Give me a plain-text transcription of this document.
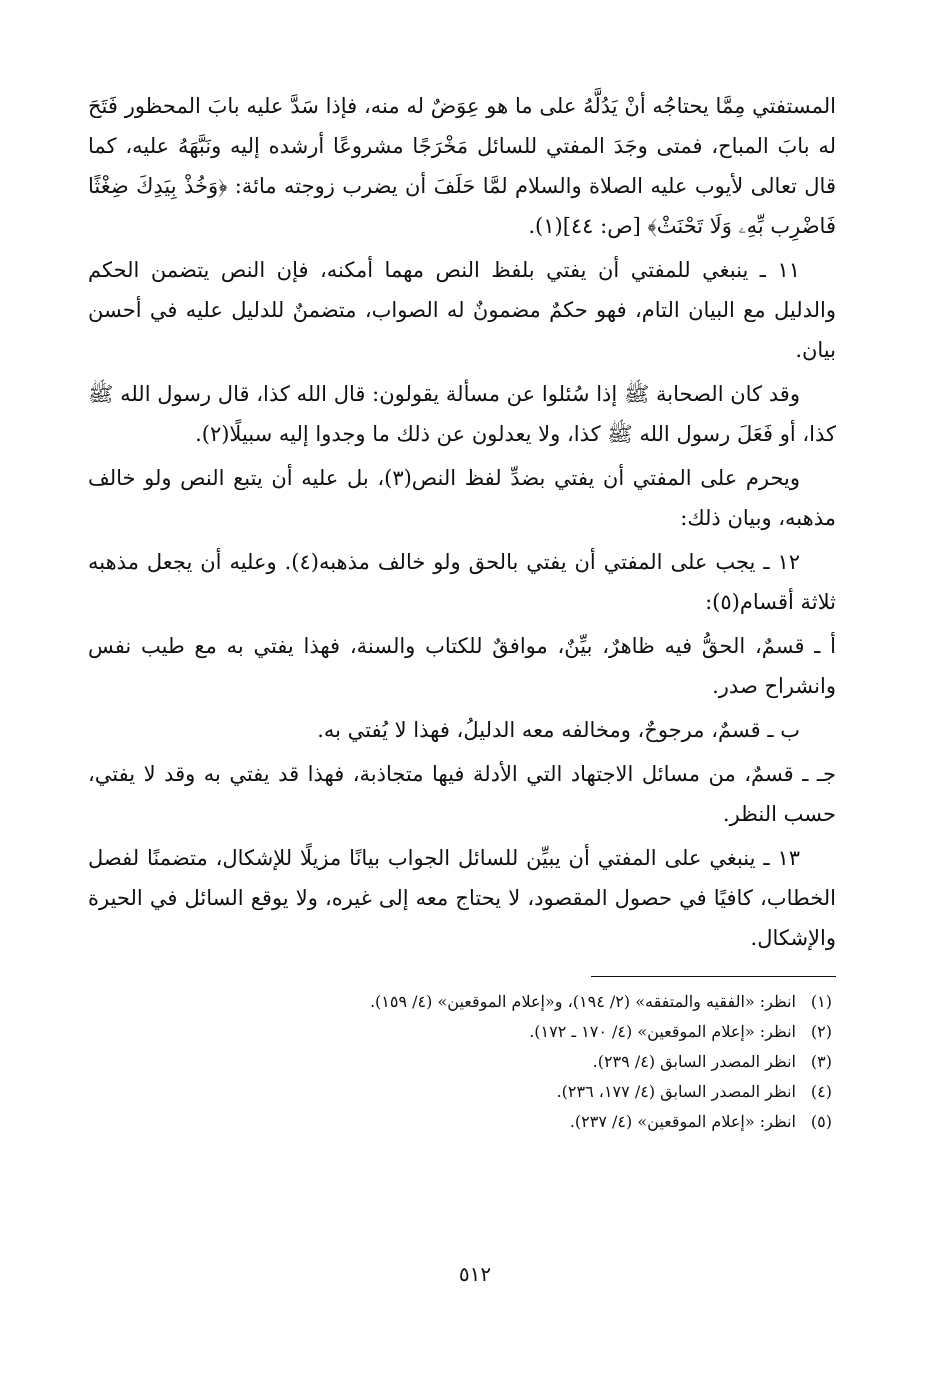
المستفتي مِمَّا يحتاجُه أنْ يَدُلَّهُ على ما هو عِوَضٌ له منه، فإذا سَدَّ عليه بابَ المحظور فَتَحَ له بابَ المباح، فمتى وجَدَ المفتي للسائل مَخْرَجًا مشروعًا أرشده إليه ونَبَّهَهُ عليه، كما قال تعالى لأيوب عليه الصلاة والسلام لمَّا حَلَفَ أن يضرب زوجته مائة: ﴿وَخُذْ بِيَدِكَ ضِغْثًا فَاضْرِب بِّهِۦ وَلَا تَحْنَثْ﴾ [ص: ٤٤](١).

١١ ـ ينبغي للمفتي أن يفتي بلفظ النص مهما أمكنه، فإن النص يتضمن الحكم والدليل مع البيان التام، فهو حكمٌ مضمونٌ له الصواب، متضمنٌ للدليل عليه في أحسن بيان.

وقد كان الصحابة ﷺ إذا سُئلوا عن مسألة يقولون: قال الله كذا، قال رسول الله ﷺ كذا، أو فَعَلَ رسول الله ﷺ كذا، ولا يعدلون عن ذلك ما وجدوا إليه سبيلًا(٢).

ويحرم على المفتي أن يفتي بضدِّ لفظ النص(٣)، بل عليه أن يتبع النص ولو خالف مذهبه، وبيان ذلك:

١٢ ـ يجب على المفتي أن يفتي بالحق ولو خالف مذهبه(٤). وعليه أن يجعل مذهبه ثلاثة أقسام(٥):

أ ـ قسمٌ، الحقُّ فيه ظاهرٌ، بيِّنٌ، موافقٌ للكتاب والسنة، فهذا يفتي به مع طيب نفس وانشراح صدر.

ب ـ قسمٌ، مرجوحٌ، ومخالفه معه الدليلُ، فهذا لا يُفتي به.

جـ ـ قسمٌ، من مسائل الاجتهاد التي الأدلة فيها متجاذبة، فهذا قد يفتي به وقد لا يفتي، حسب النظر.

١٣ ـ ينبغي على المفتي أن يبيِّن للسائل الجواب بيانًا مزيلًا للإشكال، متضمنًا لفصل الخطاب، كافيًا في حصول المقصود، لا يحتاج معه إلى غيره، ولا يوقع السائل في الحيرة والإشكال.

(١)
انظر: «الفقيه والمتفقه» (٢/ ١٩٤)، و«إعلام الموقعين» (٤/ ١٥٩).
(٢)
انظر: «إعلام الموقعين» (٤/ ١٧٠ ـ ١٧٢).
(٣)
انظر المصدر السابق (٤/ ٢٣٩).
(٤)
انظر المصدر السابق (٤/ ١٧٧، ٢٣٦).
(٥)
انظر: «إعلام الموقعين» (٤/ ٢٣٧).
٥١٢
